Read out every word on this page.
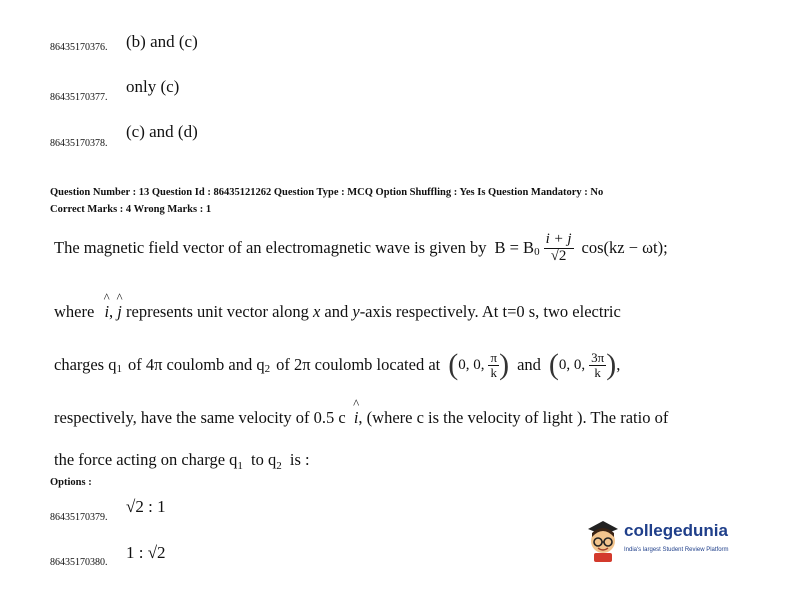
86435170376. (b) and (c)
86435170377.
only (c)
86435170378.
(c) and (d)
Question Number : 13 Question Id : 86435121262 Question Type : MCQ Option Shuffling : Yes Is Question Mandatory : No
Correct Marks : 4 Wrong Marks : 1
The magnetic field vector of an electromagnetic wave is given by B = B $0 \frac{i + j}{√2} \cos(kz - \omega t)$;
where ^ i, ^ j represents unit vector along x and y-axis respectively. At t=0 s, two electric
charges q 1 of 4π coulomb and q 2 of 2π coulomb located at ( 0, 0, $\frac{\pi}{k}$ ) and ( 0, 0, $\frac{3\pi}{k}$ ) ,
respectively, have the same velocity of 0.5 c ^ i, (where c is the velocity of light ). The ratio of
the force acting on charge $q_1$ to $q_2$ is :
Options :
86435170379.
√2 : 1
86435170380.
1 : √2
collegedunia
India's largest Student Review Platform
